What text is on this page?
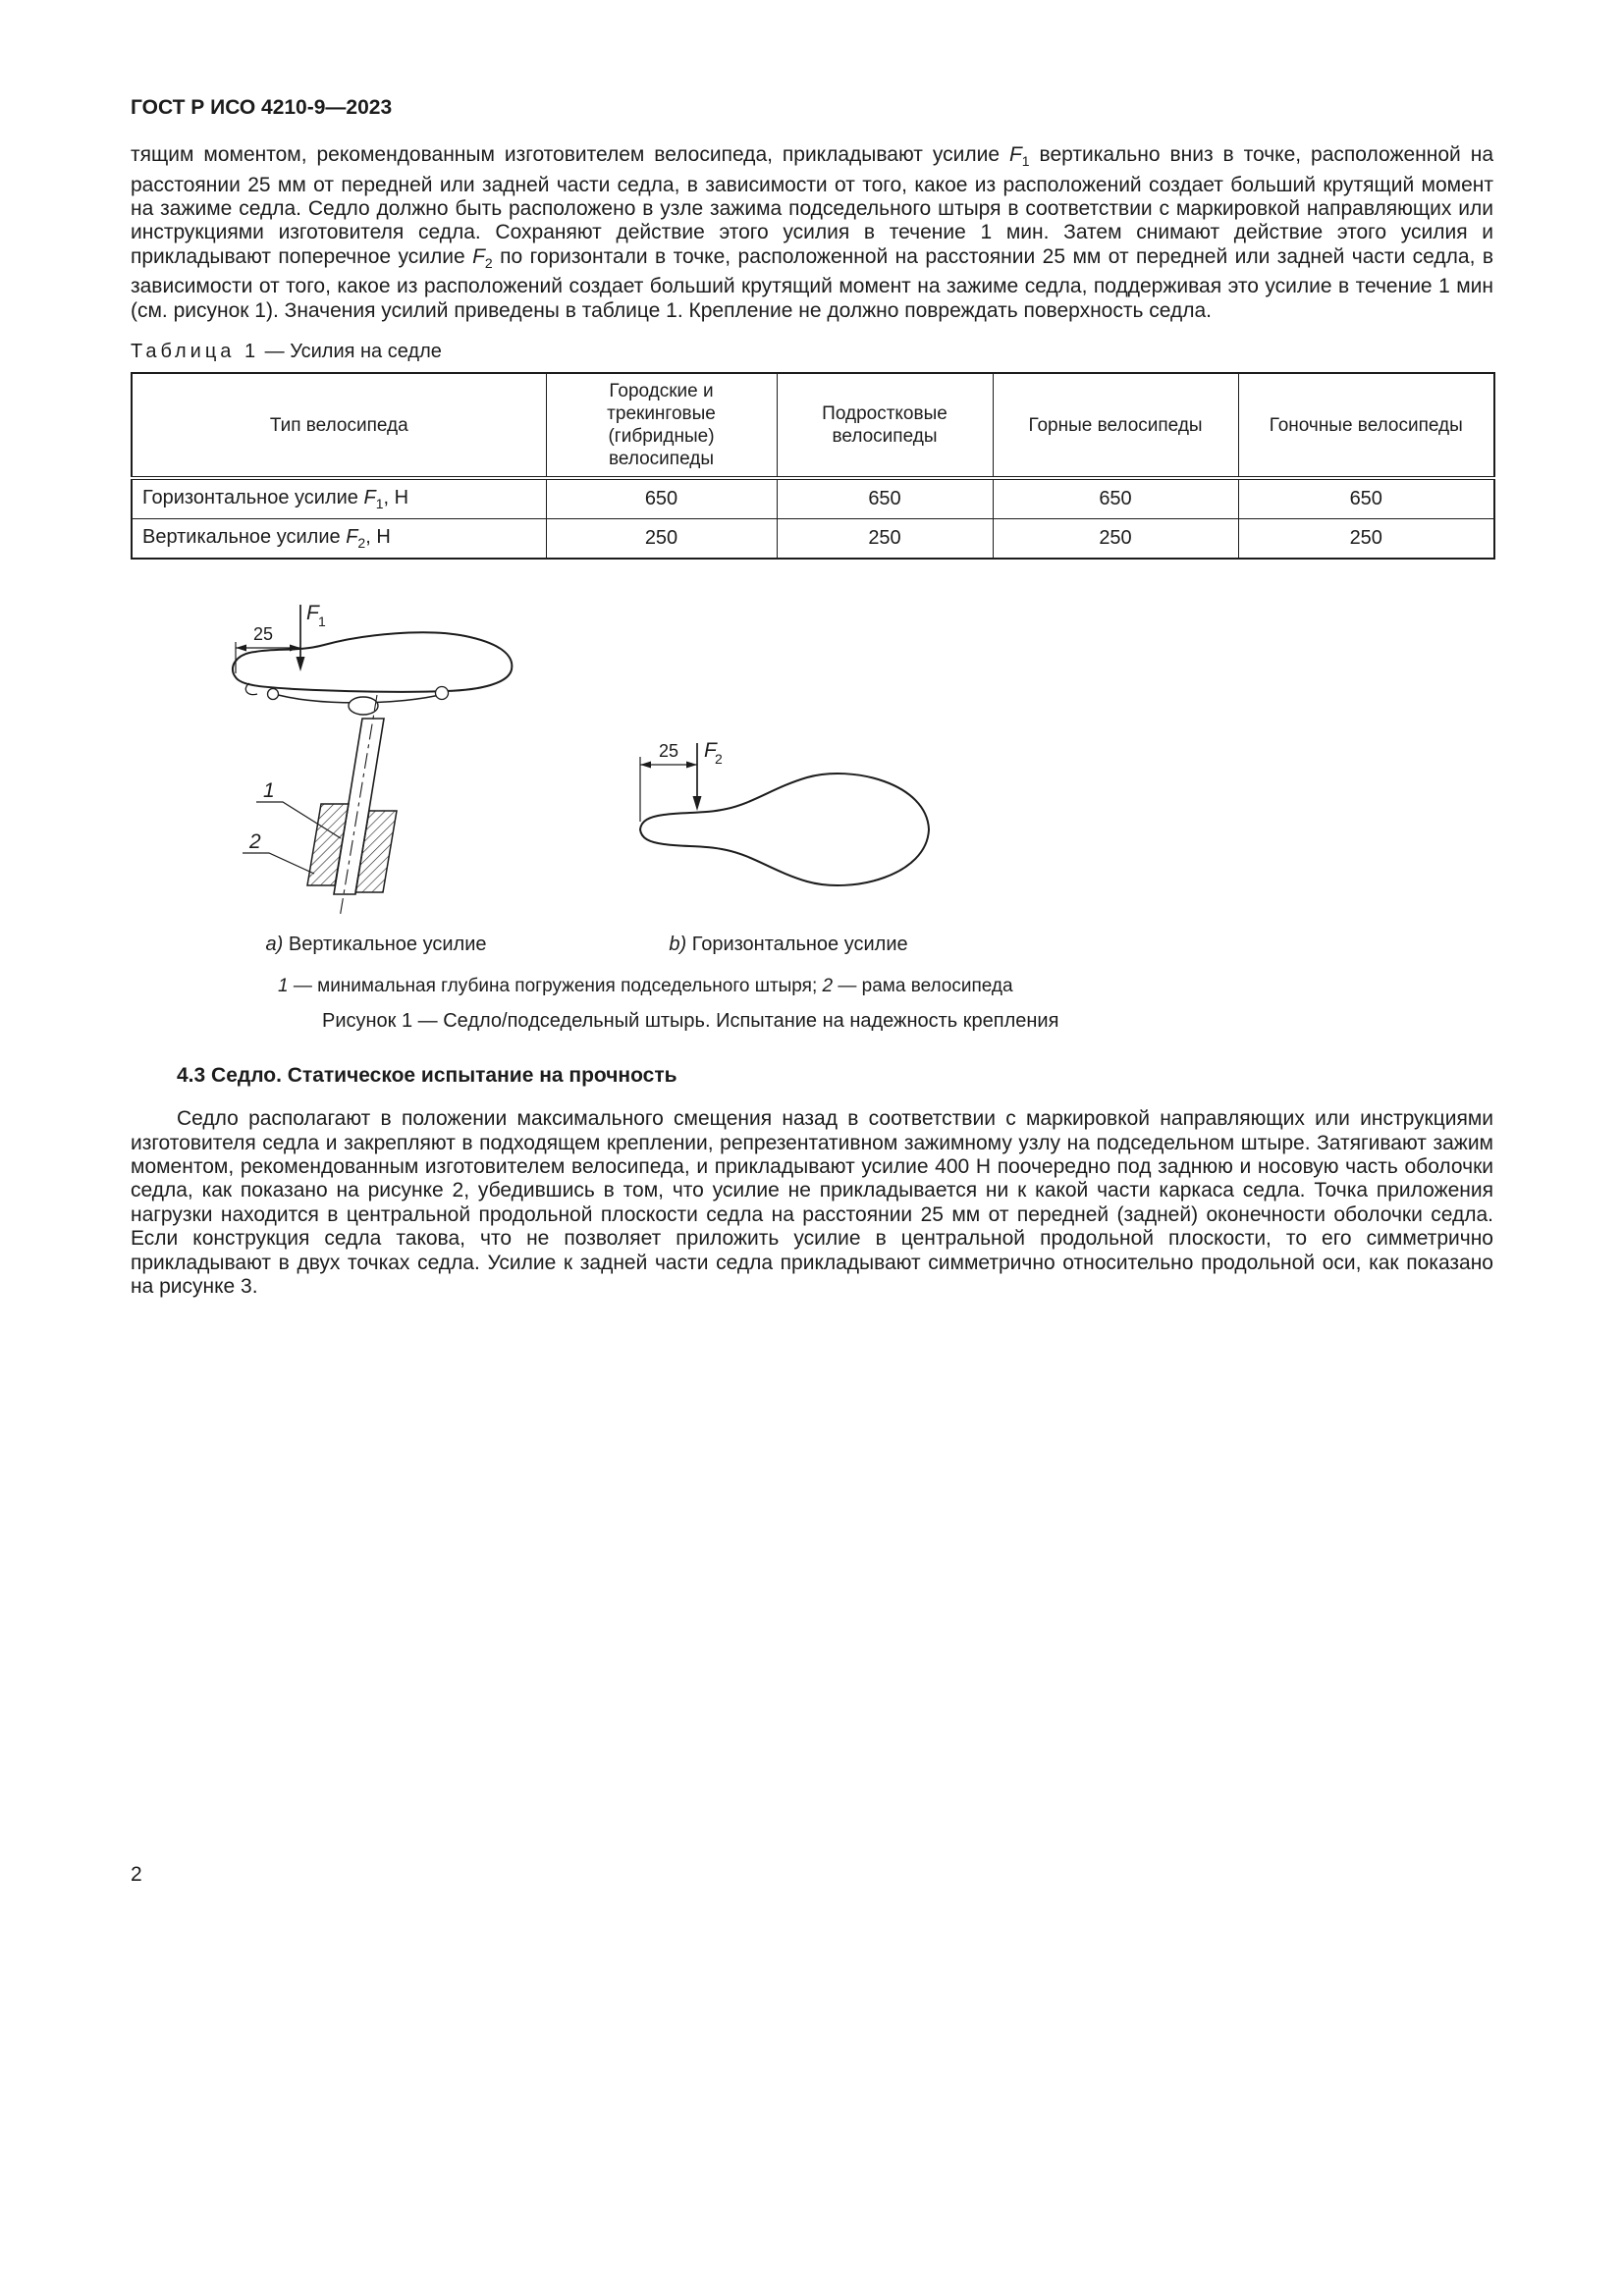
ГОСТ Р ИСО 4210-9—2023

тящим моментом, рекомендованным изготовителем велосипеда, прикладывают усилие $F_1$ вертикально вниз в точке, расположенной на расстоянии 25 мм от передней или задней части седла, в зависимости от того, какое из расположений создает больший крутящий момент на зажиме седла. Седло должно быть расположено в узле зажима подседельного штыря в соответствии с маркировкой направляющих или инструкциями изготовителя седла. Сохраняют действие этого усилия в течение 1 мин. Затем снимают действие этого усилия и прикладывают поперечное усилие $F_2$ по горизонтали в точке, расположенной на расстоянии 25 мм от передней или задней части седла, в зависимости от того, какое из расположений создает больший крутящий момент на зажиме седла, поддерживая это усилие в течение 1 мин (см. рисунок 1). Значения усилий приведены в таблице 1. Крепление не должно повреждать поверхность седла.

Таблица 1 — Усилия на седле
Тип велосипеда	Городские и трекинговые (гибридные) велосипеды	Подростковые велосипеды	Горные велосипеды	Гоночные велосипеды
Горизонтальное усилие $F_1$, Н	650	650	650	650
Вертикальное усилие $F_2$, Н	250	250	250	250
25
F 1
1
2
25 F
2
a) Вертикальное усилие	b) Горизонтальное усилие
1 — минимальная глубина погружения подседельного штыря; 2 — рама велосипеда
Рисунок 1 — Седло/подседельный штырь. Испытание на надежность крепления
4.3 Седло. Статическое испытание на прочность

Седло располагают в положении максимального смещения назад в соответствии с маркировкой направляющих или инструкциями изготовителя седла и закрепляют в подходящем креплении, репрезентативном зажимному узлу на подседельном штыре. Затягивают зажим моментом, рекомендованным изготовителем велосипеда, и прикладывают усилие 400 Н поочередно под заднюю и носовую часть оболочки седла, как показано на рисунке 2, убедившись в том, что усилие не прикладывается ни к какой части каркаса седла. Точка приложения нагрузки находится в центральной продольной плоскости седла на расстоянии 25 мм от передней (задней) оконечности оболочки седла. Если конструкция седла такова, что не позволяет приложить усилие в центральной продольной плоскости, то его симметрично прикладывают в двух точках седла. Усилие к задней части седла прикладывают симметрично относительно продольной оси, как показано на рисунке 3.

2
